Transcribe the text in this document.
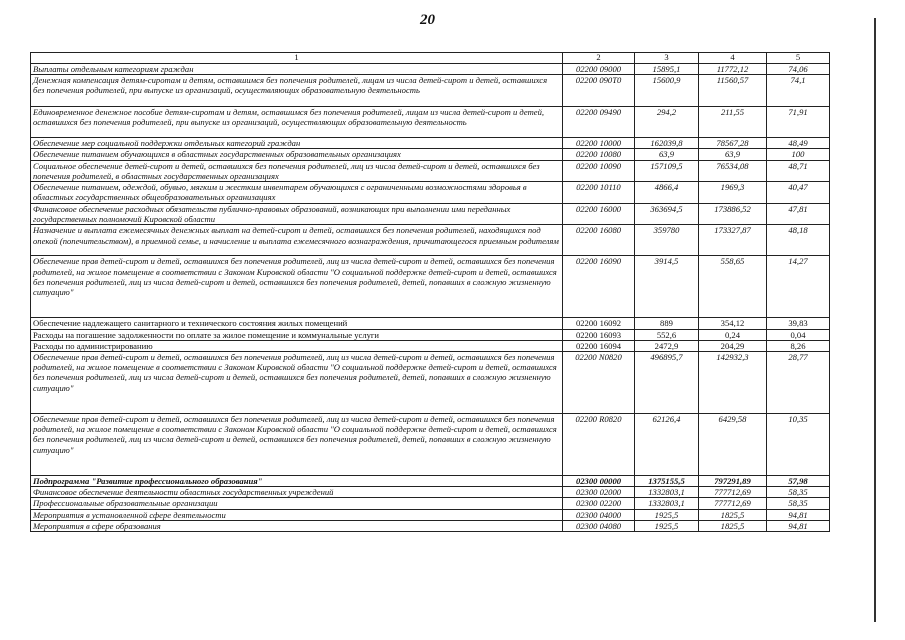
20
1	2	3	4	5
Выплаты отдельным категориям граждан	02200 09000	15895,1	11772,12	74,06
Денежная компенсация детям-сиротам и детям, оставшимся без попечения родителей, лицам из числа детей-сирот и детей, оставшихся без попечения родителей, при выпуске из организаций, осуществляющих образовательную деятельность	02200 090Т0	15600,9	11560,57	74,1
Единовременное денежное пособие детям-сиротам и детям, оставшимся без попечения родителей, лицам из числа детей-сирот и детей, оставшихся без попечения родителей, при выпуске из организаций, осуществляющих образовательную деятельность	02200 09490	294,2	211,55	71,91
Обеспечение мер социальной поддержки отдельных категорий граждан	02200 10000	162039,8	78567,28	48,49
Обеспечение питанием обучающихся в областных государственных образовательных организациях	02200 10080	63,9	63,9	100
Социальное обеспечение детей-сирот и детей, оставшихся без попечения родителей, лиц из числа детей-сирот и детей, оставшихся без попечения родителей, в областных государственных организациях	02200 10090	157109,5	76534,08	48,71
Обеспечение питанием, одеждой, обувью, мягким и жестким инвентарем обучающихся с ограниченными возможностями здоровья в областных государственных общеобразовательных организациях	02200 10110	4866,4	1969,3	40,47
Финансовое обеспечение расходных обязательств публично-правовых образований, возникающих при выполнении ими переданных государственных полномочий Кировской области	02200 16000	363694,5	173886,52	47,81
Назначение и выплата ежемесячных денежных выплат на детей-сирот и детей, оставшихся без попечения родителей, находящихся под опекой (попечительством), в приемной семье, и начисление и выплата ежемесячного вознаграждения, причитающегося приемным родителям	02200 16080	359780	173327,87	48,18
Обеспечение прав детей-сирот и детей, оставшихся без попечения родителей, лиц из числа детей-сирот и детей, оставшихся без попечения родителей, на жилое помещение в соответствии с Законом Кировской области "О социальной поддержке детей-сирот и детей, оставшихся без попечения родителей, лиц из числа детей-сирот и детей, оставшихся без попечения родителей, детей, попавших в сложную жизненную ситуацию"	02200 16090	3914,5	558,65	14,27
Обеспечение надлежащего санитарного и технического состояния жилых помещений	02200 16092	889	354,12	39,83
Расходы на погашение задолженности по оплате за жилое помещение и коммунальные услуги	02200 16093	552,6	0,24	0,04
Расходы по администрированию	02200 16094	2472,9	204,29	8,26
Обеспечение прав детей-сирот и детей, оставшихся без попечения родителей, лиц из числа детей-сирот и детей, оставшихся без попечения родителей, на жилое помещение в соответствии с Законом Кировской области "О социальной поддержке детей-сирот и детей, оставшихся без попечения родителей, лиц из числа детей-сирот и детей, оставшихся без попечения родителей, детей, попавших в сложную жизненную ситуацию"	02200 N0820	496895,7	142932,3	28,77
Обеспечение прав детей-сирот и детей, оставшихся без попечения родителей, лиц из числа детей-сирот и детей, оставшихся без попечения родителей, на жилое помещение в соответствии с Законом Кировской области "О социальной поддержке детей-сирот и детей, оставшихся без попечения родителей, лиц из числа детей-сирот и детей, оставшихся без попечения родителей, детей, попавших в сложную жизненную ситуацию"	02200 R0820	62126,4	6429,58	10,35
Подпрограмма "Развитие профессионального образования"	02300 00000	1375155,5	797291,89	57,98
Финансовое обеспечение деятельности областных государственных учреждений	02300 02000	1332803,1	777712,69	58,35
Профессиональные образовательные организации	02300 02200	1332803,1	777712,69	58,35
Мероприятия в установленной сфере деятельности	02300 04000	1925,5	1825,5	94,81
Мероприятия в сфере образования	02300 04080	1925,5	1825,5	94,81
